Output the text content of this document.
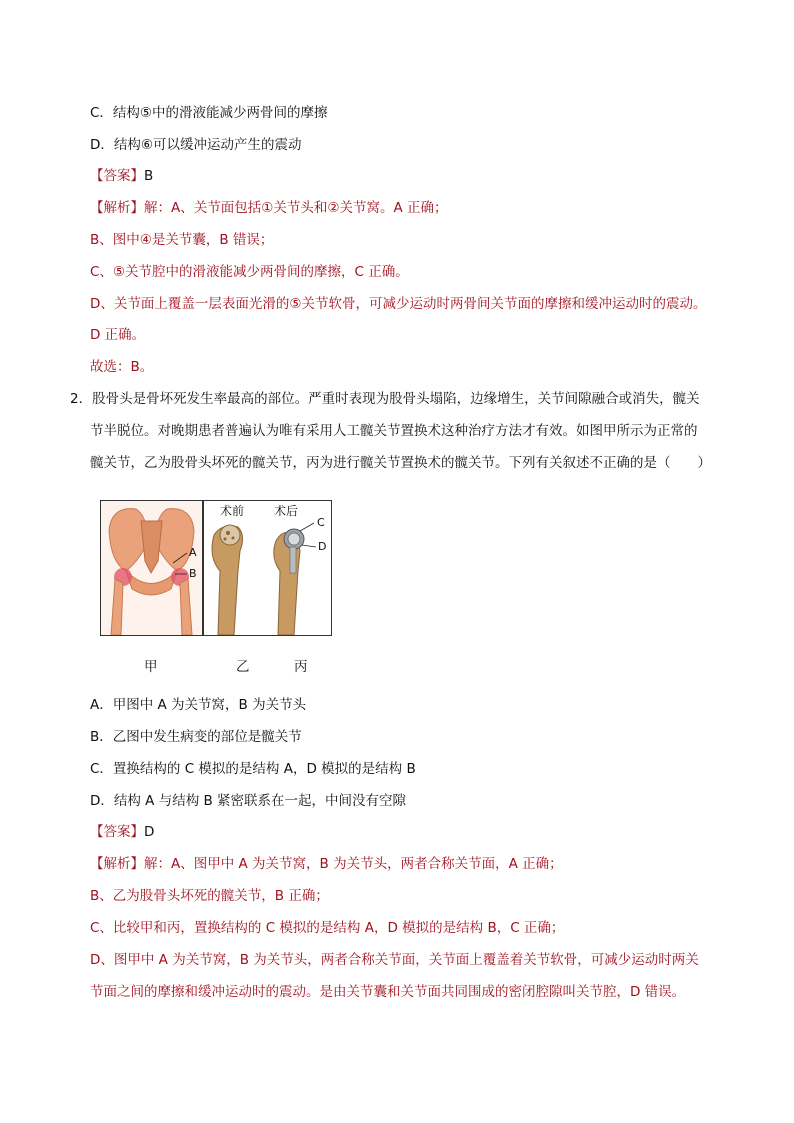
C．结构⑤中的滑液能减少两骨间的摩擦
D．结构⑥可以缓冲运动产生的震动
【答案】B
【解析】解：A、关节面包括①关节头和②关节窝。A 正确；
B、图中④是关节囊，B 错误；
C、⑤关节腔中的滑液能减少两骨间的摩擦，C 正确。
D、关节面上覆盖一层表面光滑的⑤关节软骨，可减少运动时两骨间关节面的摩擦和缓冲运动时的震动。
D 正确。
故选：B。
2．股骨头是骨坏死发生率最高的部位。严重时表现为股骨头塌陷，边缘增生，关节间隙融合或消失，髋关
节半脱位。对晚期患者普遍认为唯有采用人工髋关节置换术这种治疗方法才有效。如图甲所示为正常的
髋关节，乙为股骨头坏死的髋关节，丙为进行髋关节置换术的髋关节。下列有关叙述不正确的是（　　）
A
B
术前 术后
C
D
甲	乙	丙
A．甲图中 A 为关节窝，B 为关节头
B．乙图中发生病变的部位是髋关节
C．置换结构的 C 模拟的是结构 A，D 模拟的是结构 B
D．结构 A 与结构 B 紧密联系在一起，中间没有空隙
【答案】D
【解析】解：A、图甲中 A 为关节窝，B 为关节头，两者合称关节面，A 正确；
B、乙为股骨头坏死的髋关节，B 正确；
C、比较甲和丙，置换结构的 C 模拟的是结构 A，D 模拟的是结构 B，C 正确；
D、图甲中 A 为关节窝，B 为关节头，两者合称关节面，关节面上覆盖着关节软骨，可减少运动时两关
节面之间的摩擦和缓冲运动时的震动。是由关节囊和关节面共同围成的密闭腔隙叫关节腔，D 错误。
